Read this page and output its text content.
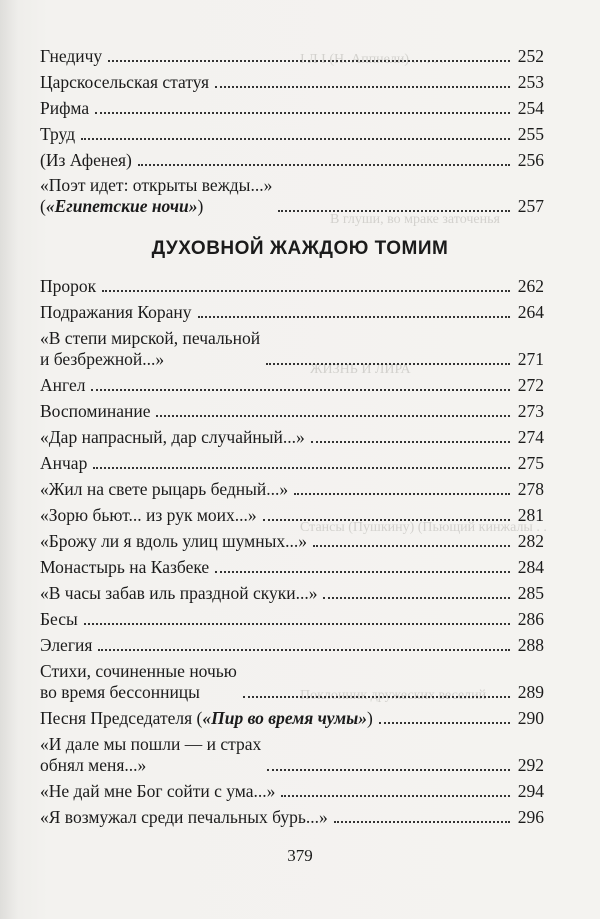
І Л І (Н. Аппнели) . . . . .
В глуши, во мраке заточенья
ЖИЗНЬ И ЛИРА
Стансы (Пушкину) (Пьющий кинжалы . .
Поклонник дружеских веселий
Гнедичу	252
Царскосельская статуя	253
Рифма	254
Труд	255
(Из Афенея)	256
«Поэт идет: открыты вежды...»
(«Египетские ночи»)	257
ДУХОВНОЙ ЖАЖДОЮ ТОМИМ
Пророк	262
Подражания Корану	264
«В степи мирской, печальной
и безбрежной...»	271
Ангел	272
Воспоминание	273
«Дар напрасный, дар случайный...»	274
Анчар	275
«Жил на свете рыцарь бедный...»	278
«Зорю бьют... из рук моих...»	281
«Брожу ли я вдоль улиц шумных...»	282
Монастырь на Казбеке	284
«В часы забав иль праздной скуки...»	285
Бесы	286
Элегия	288
Стихи, сочиненные ночью
во время бессонницы	289
Песня Председателя («Пир во время чумы»)	290
«И дале мы пошли — и страх
обнял меня...»	292
«Не дай мне Бог сойти с ума...»	294
«Я возмужал среди печальных бурь...»	296
379
